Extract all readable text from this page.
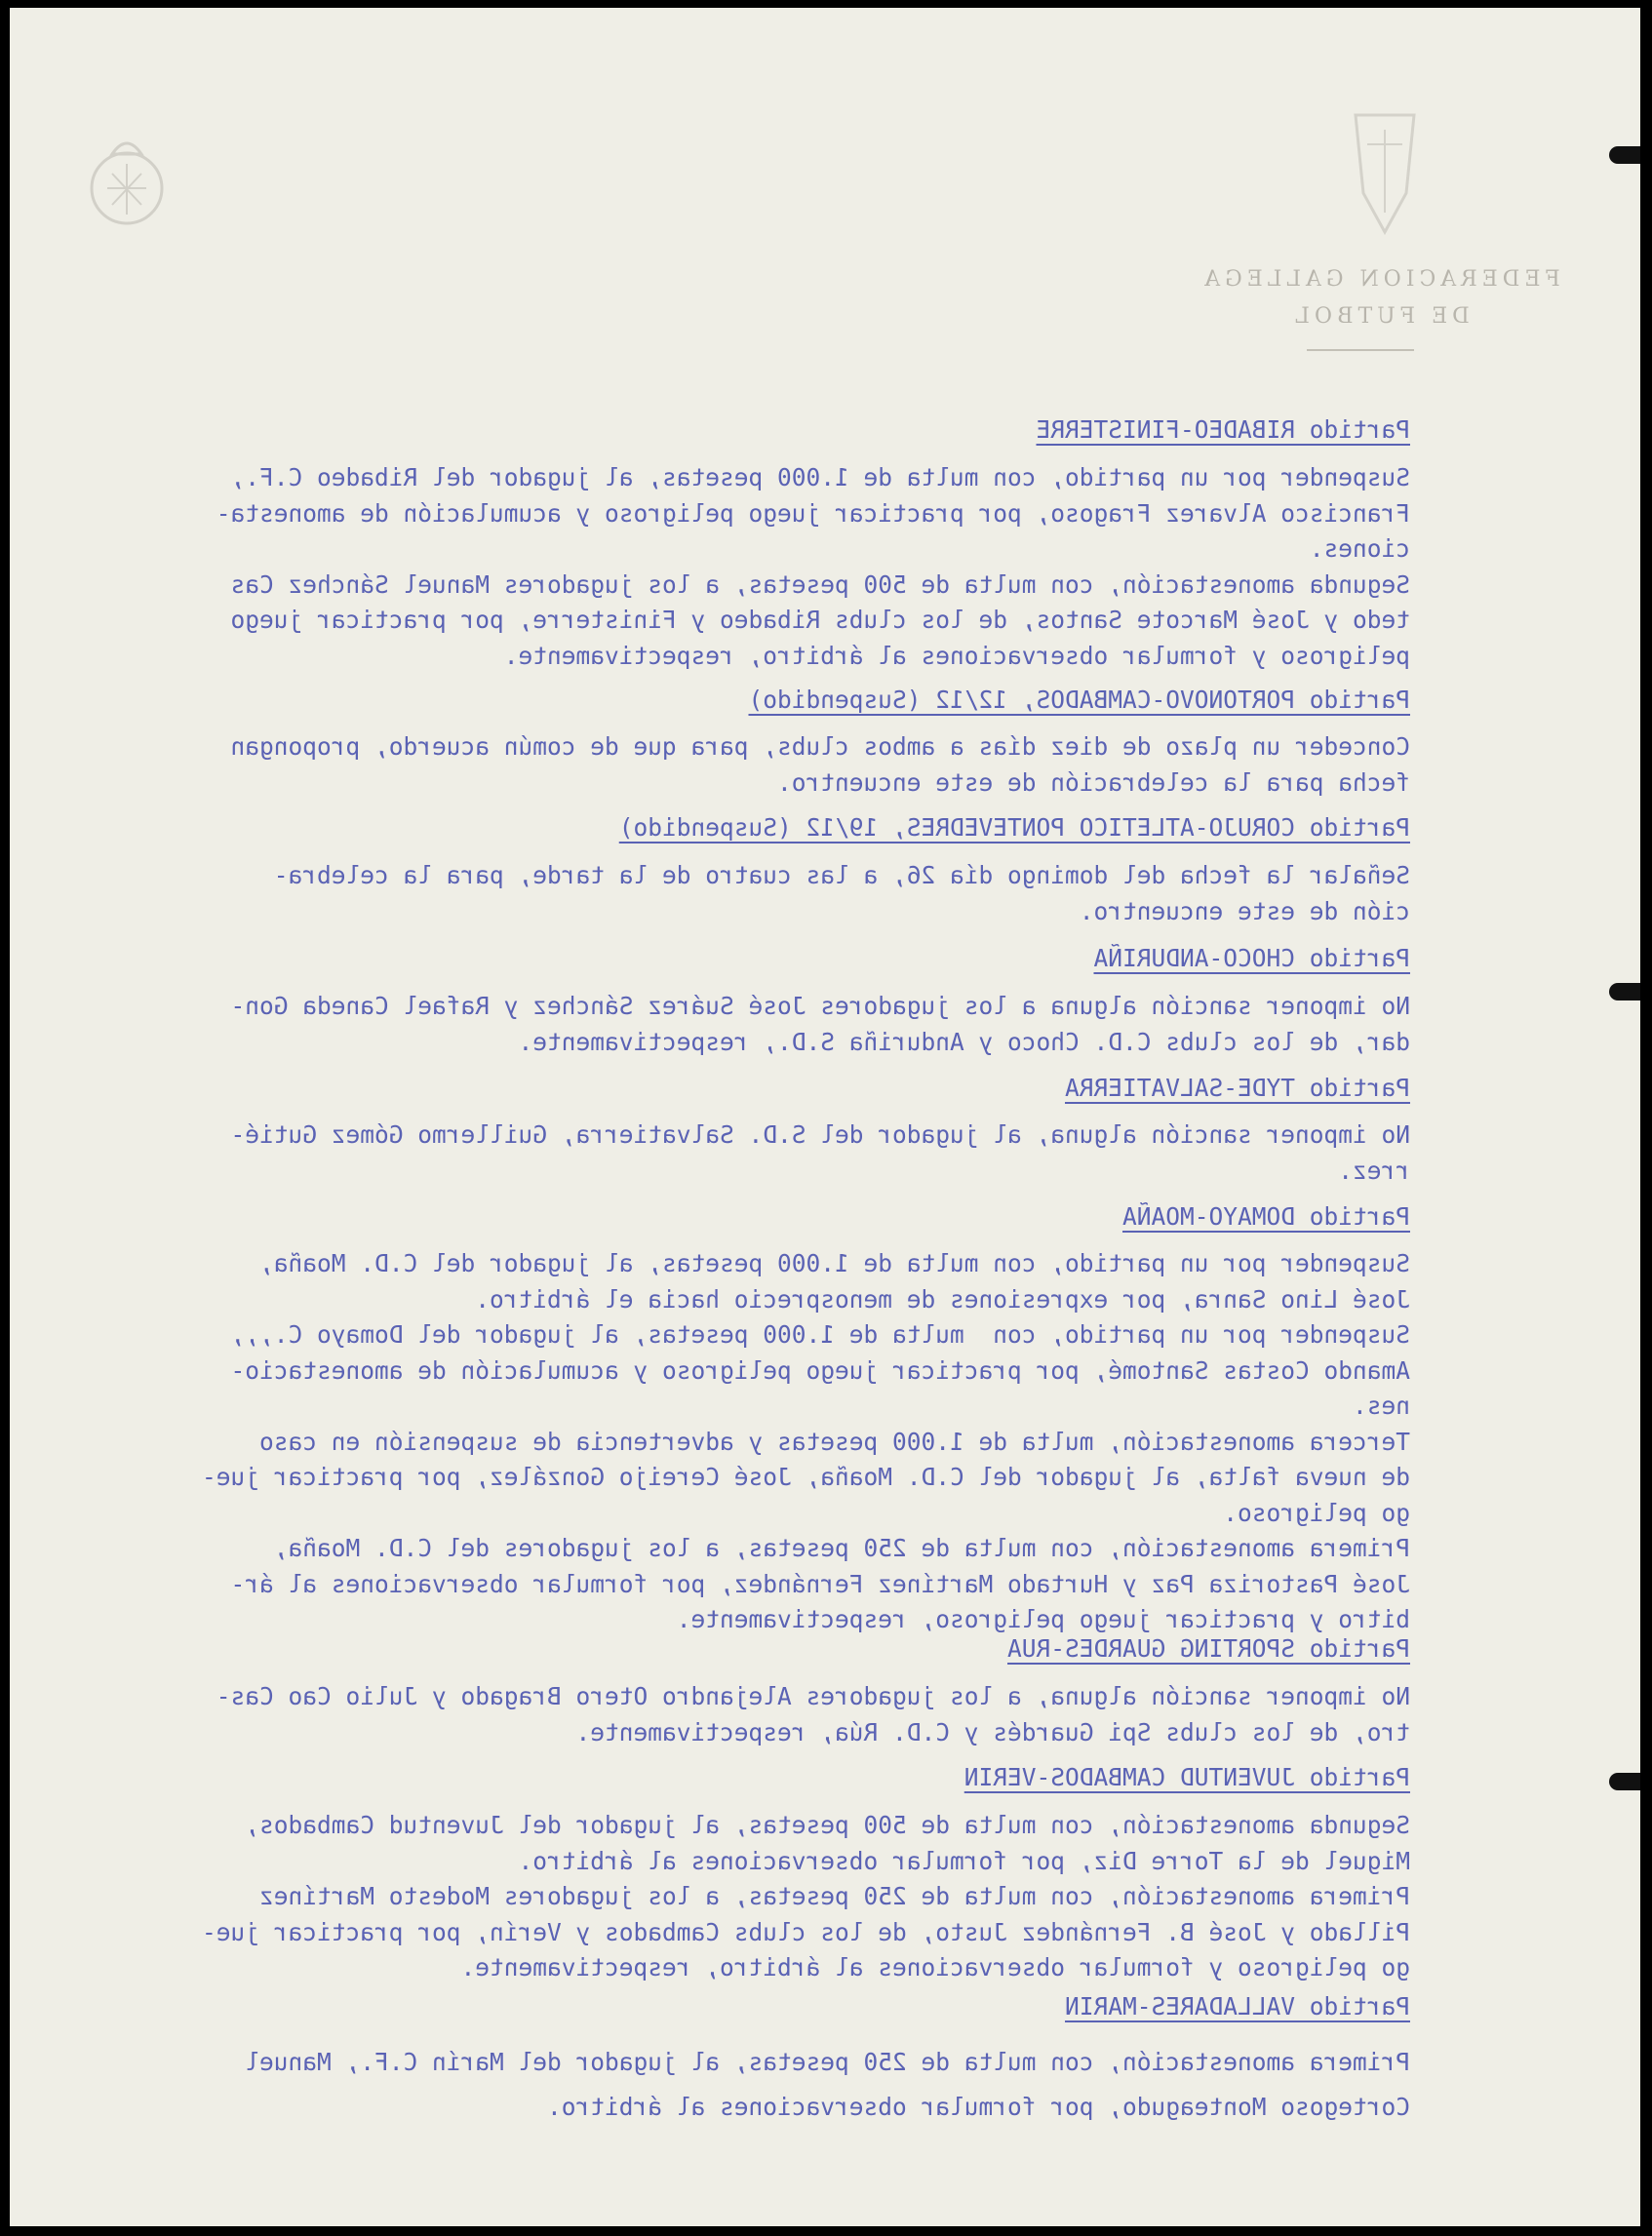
FEDERACION GALLEGA
DE FUTBOL
Partido RIBADEO-FINISTERRE
Suspender por un partido, con multa de 1.000 pesetas, al jugador del Ribadeo C.F.,
Francisco Alvarez Fragoso, por practicar juego peligroso y acumulación de amonesta-
ciones.
Segunda amonestación, con multa de 500 pesetas, a los jugadores Manuel Sánchez Cas
tedo y José Marcote Santos, de los clubs Ribadeo y Finisterre, por practicar juego
peligroso y formular observaciones al árbitro, respectivamente.
Partido PORTONOVO-CAMBADOS, 12/12 (Suspendido)
Conceder un plazo de diez días a ambos clubs, para que de común acuerdo, propongan
fecha para la celebración de este encuentro.
Partido CORUJO-ATLETICO PONTEVEDRES, 19/12 (Suspendido)
Señalar la fecha del domingo día 26, a las cuatro de la tarde, para la celebra-
ción de este encuentro.
Partido CHOCO-ANDURIÑA
No imponer sanción alguna a los jugadores José Suárez Sánchez y Rafael Caneda Gon-
dar, de los clubs C.D. Choco y Anduriña S.D., respectivamente.
Partido TYDE-SALVATIERRA
No imponer sanción alguna, al jugador del S.D. Salvatierra, Guillermo Gómez Gutié-
rrez.
Partido DOMAYO-MOAÑA
Suspender por un partido, con multa de 1.000 pesetas, al jugador del C.D. Moaña,
José Lino Sanra, por expresiones de menosprecio hacia el árbitro.
Suspender por un partido, con  multa de 1.000 pesetas, al jugador del Domayo C.,,,
Amando Costas Santomé, por practicar juego peligroso y acumulación de amonestacio-
nes.
Tercera amonestación, multa de 1.000 pesetas y advertencia de suspensión en caso
de nueva falta, al jugador del C.D. Moaña, José Cereijo González, por practicar jue-
go peligroso.
Primera amonestación, con multa de 250 pesetas, a los jugadores del C.D. Moaña,
José Pastoriza Paz y Hurtado Martínez Fernández, por formular observaciones al ár-
bitro y practicar juego peligroso, respectivamente.
Partido SPORTING GUARDES-RUA
No imponer sanción alguna, a los jugadores Alejandro Otero Bragado y Julio Cao Cas-
tro, de los clubs Spi Guardés y C.D. Rúa, respectivamente.
Partido JUVENTUD CAMBADOS-VERIN
Segunda amonestación, con multa de 500 pesetas, al jugador del Juventud Cambados,
Miguel de la Torre Diz, por formular observaciones al árbitro.
Primera amonestación, con multa de 250 pesetas, a los jugadores Modesto Martínez
Pillado y José B. Fernández Justo, de los clubs Cambados y Verín, por practicar jue-
go peligroso y formular observaciones al árbitro, respectivamente.
Partido VALLADARES-MARIN
Primera amonestación, con multa de 250 pesetas, al jugador del Marín C.F., Manuel
Cortegoso Monteagudo, por formular observaciones al árbitro.
